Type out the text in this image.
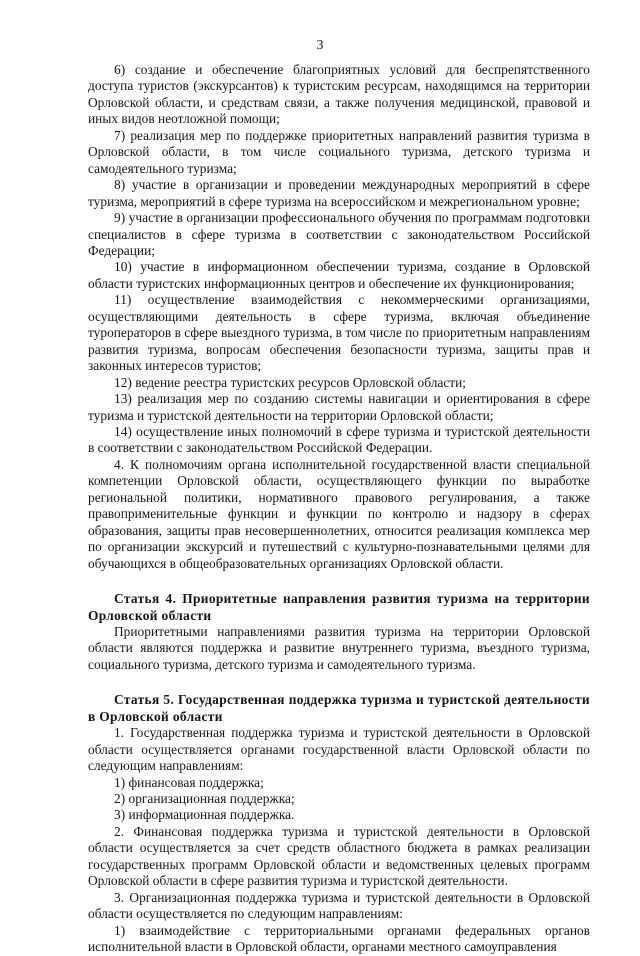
3

6) создание и обеспечение благоприятных условий для беспрепятственного доступа туристов (экскурсантов) к туристским ресурсам, находящимся на территории Орловской области, и средствам связи, а также получения медицинской, правовой и иных видов неотложной помощи;

7) реализация мер по поддержке приоритетных направлений развития туризма в Орловской области, в том числе социального туризма, детского туризма и самодеятельного туризма;

8) участие в организации и проведении международных мероприятий в сфере туризма, мероприятий в сфере туризма на всероссийском и межрегиональном уровне;

9) участие в организации профессионального обучения по программам подготовки специалистов в сфере туризма в соответствии с законодательством Российской Федерации;

10) участие в информационном обеспечении туризма, создание в Орловской области туристских информационных центров и обеспечение их функционирования;

11) осуществление взаимодействия с некоммерческими организациями, осуществляющими деятельность в сфере туризма, включая объединение туроператоров в сфере выездного туризма, в том числе по приоритетным направлениям развития туризма, вопросам обеспечения безопасности туризма, защиты прав и законных интересов туристов;

12) ведение реестра туристских ресурсов Орловской области;

13) реализация мер по созданию системы навигации и ориентирования в сфере туризма и туристской деятельности на территории Орловской области;

14) осуществление иных полномочий в сфере туризма и туристской деятельности в соответствии с законодательством Российской Федерации.

4. К полномочиям органа исполнительной государственной власти специальной компетенции Орловской области, осуществляющего функции по выработке региональной политики, нормативного правового регулирования, а также правоприменительные функции и функции по контролю и надзору в сферах образования, защиты прав несовершеннолетних, относится реализация комплекса мер по организации экскурсий и путешествий с культурно-познавательными целями для обучающихся в общеобразовательных организациях Орловской области.

Статья 4. Приоритетные направления развития туризма на территории Орловской области

Приоритетными направлениями развития туризма на территории Орловской области являются поддержка и развитие внутреннего туризма, въездного туризма, социального туризма, детского туризма и самодеятельного туризма.

Статья 5. Государственная поддержка туризма и туристской деятельности в Орловской области

1. Государственная поддержка туризма и туристской деятельности в Орловской области осуществляется органами государственной власти Орловской области по следующим направлениям:

1) финансовая поддержка;

2) организационная поддержка;

3) информационная поддержка.

2. Финансовая поддержка туризма и туристской деятельности в Орловской области осуществляется за счет средств областного бюджета в рамках реализации государственных программ Орловской области и ведомственных целевых программ Орловской области в сфере развития туризма и туристской деятельности.

3. Организационная поддержка туризма и туристской деятельности в Орловской области осуществляется по следующим направлениям:

1) взаимодействие с территориальными органами федеральных органов исполнительной власти в Орловской области, органами местного самоуправления
